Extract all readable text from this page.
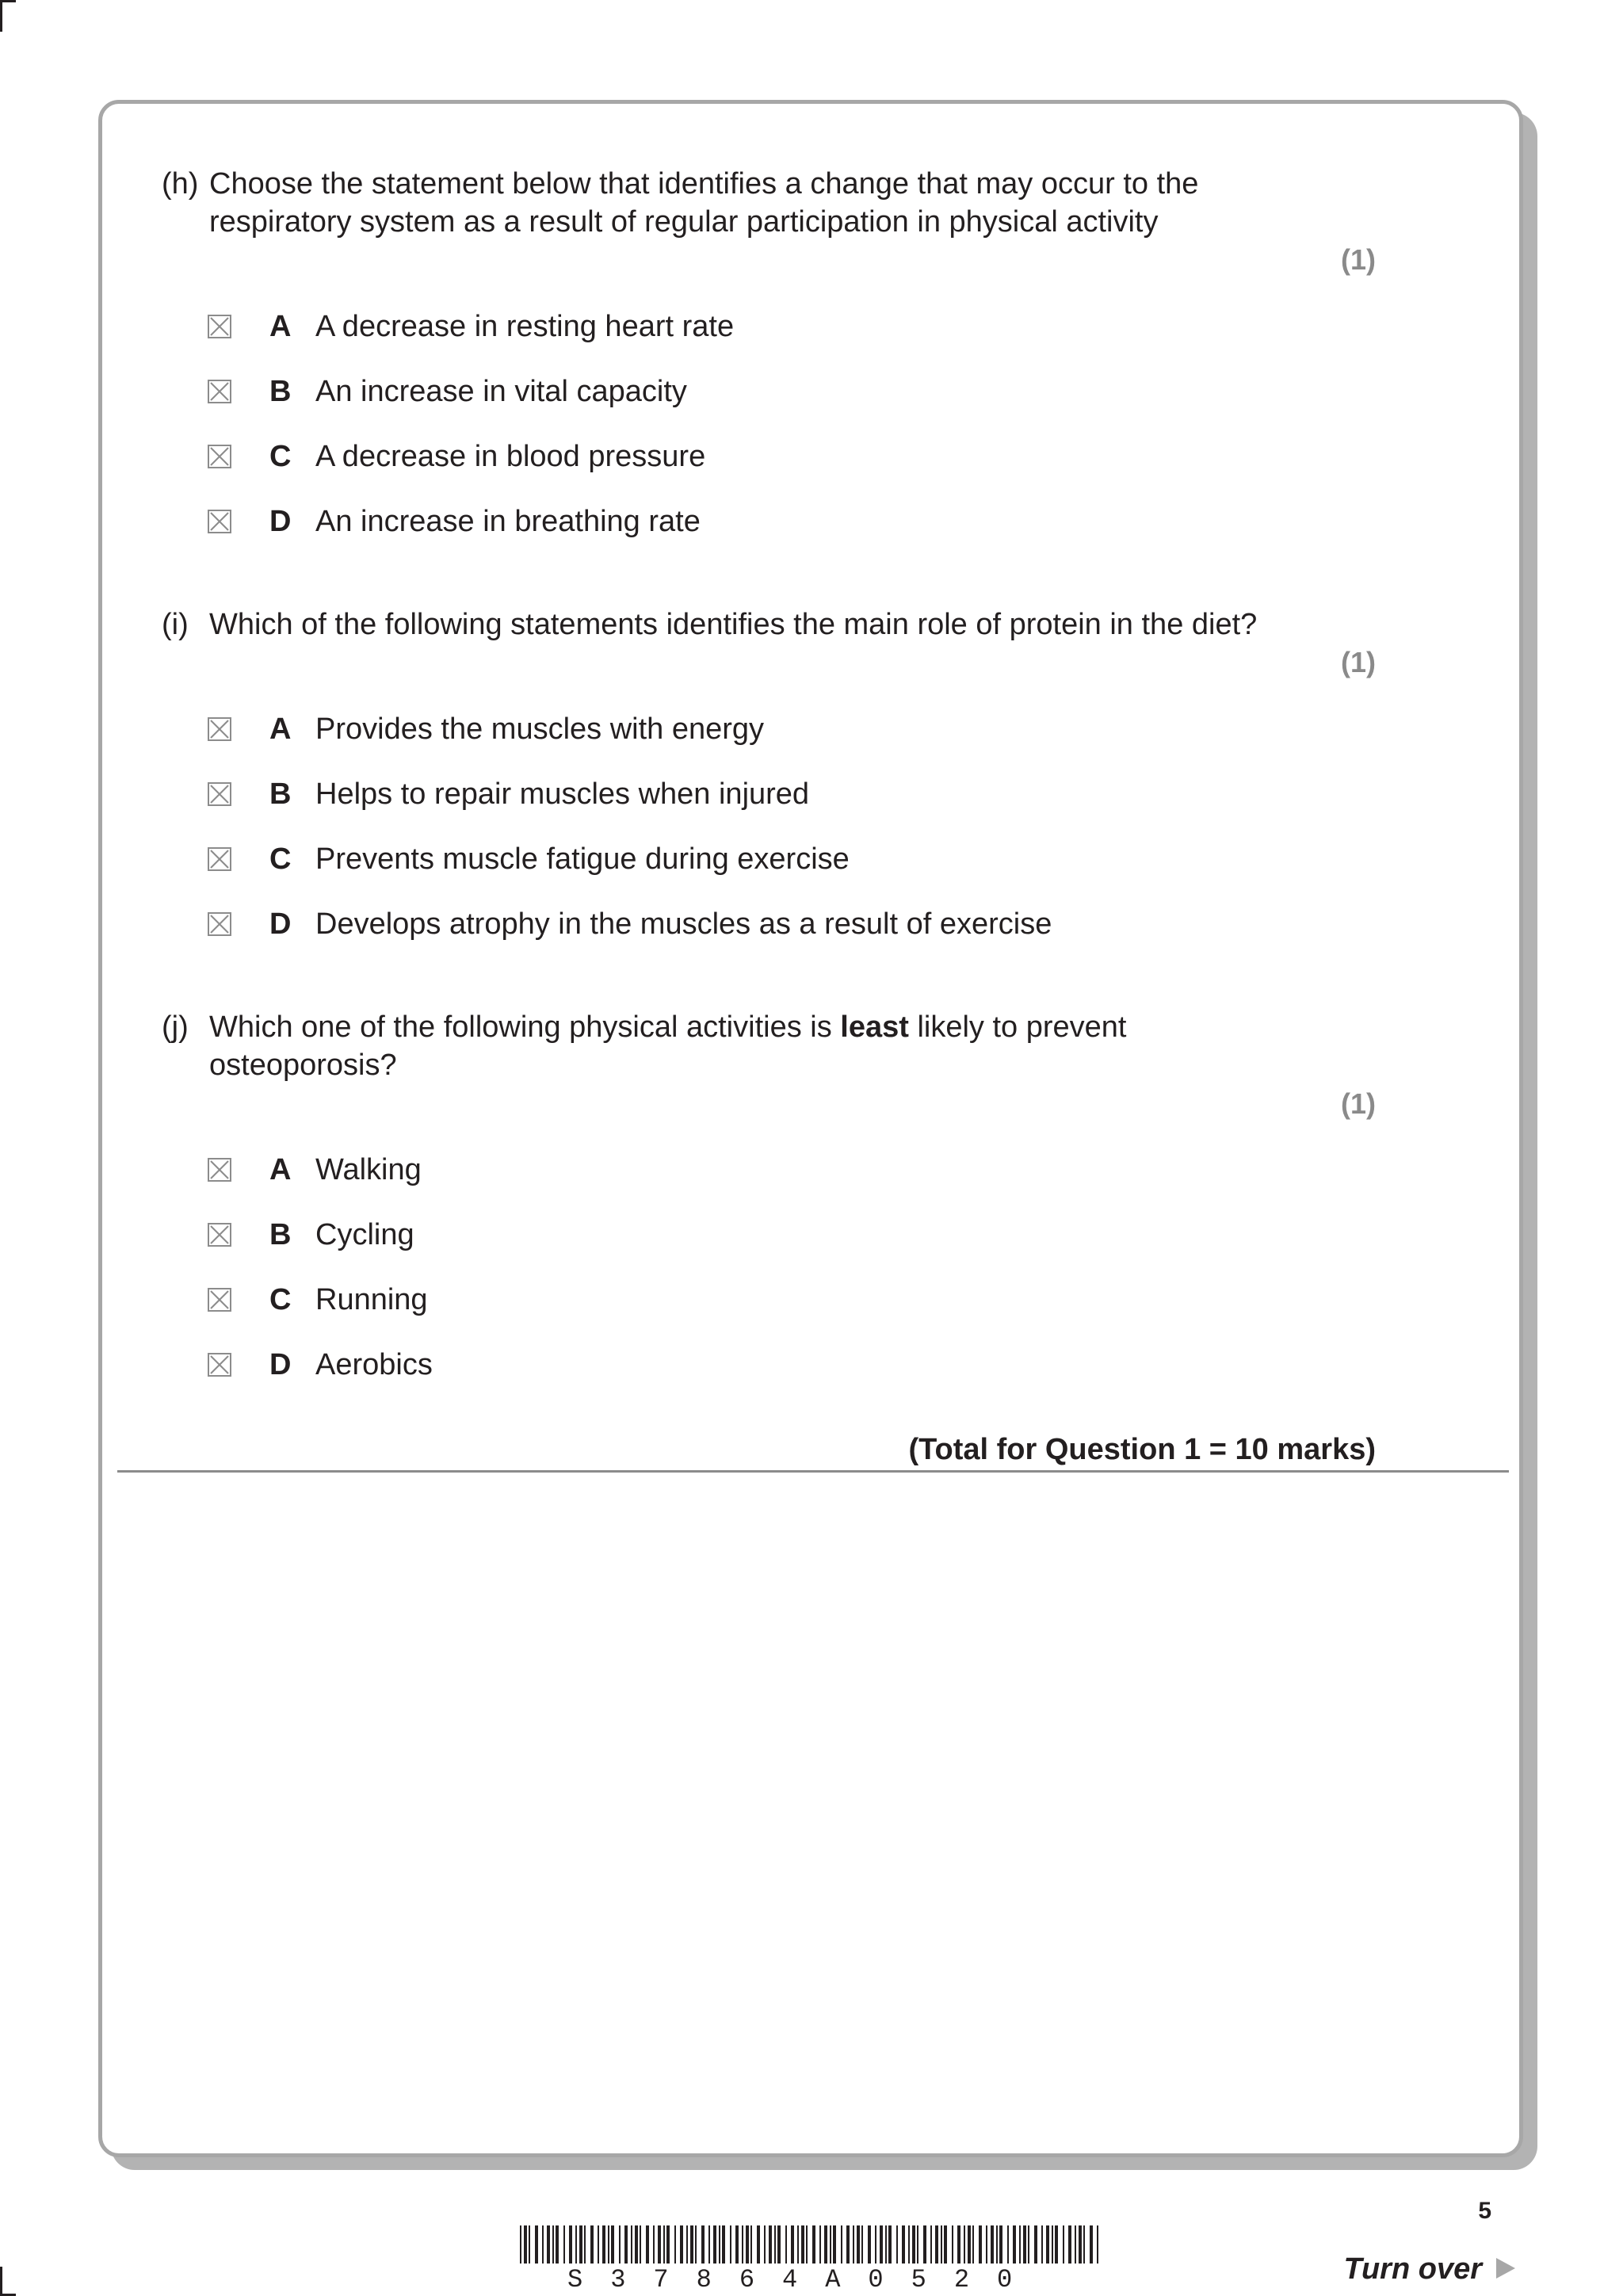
(h) Choose the statement below that identifies a change that may occur to the
respiratory system as a result of regular participation in physical activity
(1)
A A decrease in resting heart rate
B An increase in vital capacity
C A decrease in blood pressure
D An increase in breathing rate
(i) Which of the following statements identifies the main role of protein in the diet?
(1)
A Provides the muscles with energy
B Helps to repair muscles when injured
C Prevents muscle fatigue during exercise
D Develops atrophy in the muscles as a result of exercise
(j) Which one of the following physical activities is least likely to prevent
osteoporosis?
(1)
A Walking
B Cycling
C Running
D Aerobics
(Total for Question 1 = 10 marks)
5
S37864A0520	Turn over
